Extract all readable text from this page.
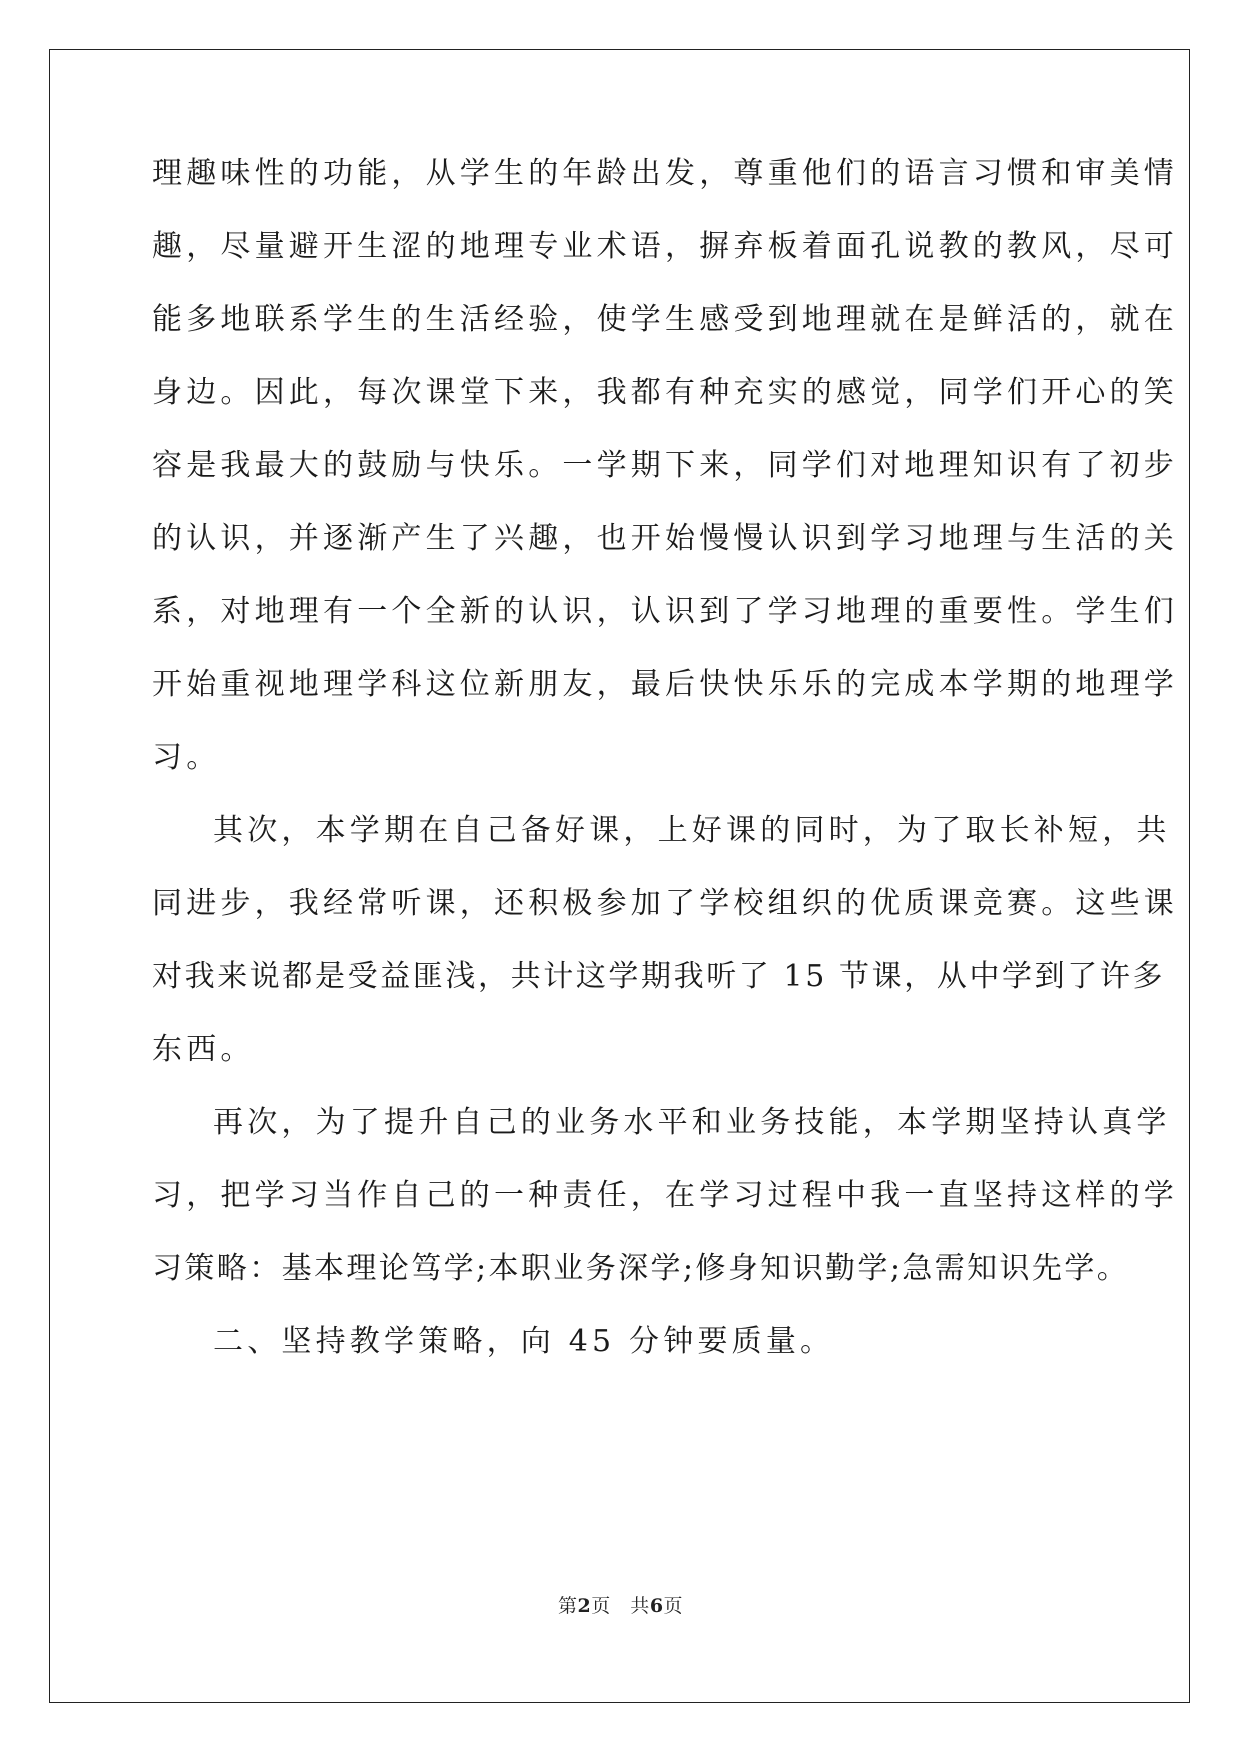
理趣味性的功能，从学生的年龄出发，尊重他们的语言习惯和审美情
趣，尽量避开生涩的地理专业术语，摒弃板着面孔说教的教风，尽可
能多地联系学生的生活经验，使学生感受到地理就在是鲜活的，就在
身边。因此，每次课堂下来，我都有种充实的感觉，同学们开心的笑
容是我最大的鼓励与快乐。一学期下来，同学们对地理知识有了初步
的认识，并逐渐产生了兴趣，也开始慢慢认识到学习地理与生活的关
系，对地理有一个全新的认识，认识到了学习地理的重要性。学生们
开始重视地理学科这位新朋友，最后快快乐乐的完成本学期的地理学
习。
其次，本学期在自己备好课，上好课的同时，为了取长补短，共
同进步，我经常听课，还积极参加了学校组织的优质课竞赛。这些课
对我来说都是受益匪浅，共计这学期我听了 15 节课，从中学到了许多
东西。
再次，为了提升自己的业务水平和业务技能，本学期坚持认真学
习，把学习当作自己的一种责任，在学习过程中我一直坚持这样的学
习策略：基本理论笃学;本职业务深学;修身知识勤学;急需知识先学。
二、坚持教学策略，向 45 分钟要质量。
第2页   共6页
